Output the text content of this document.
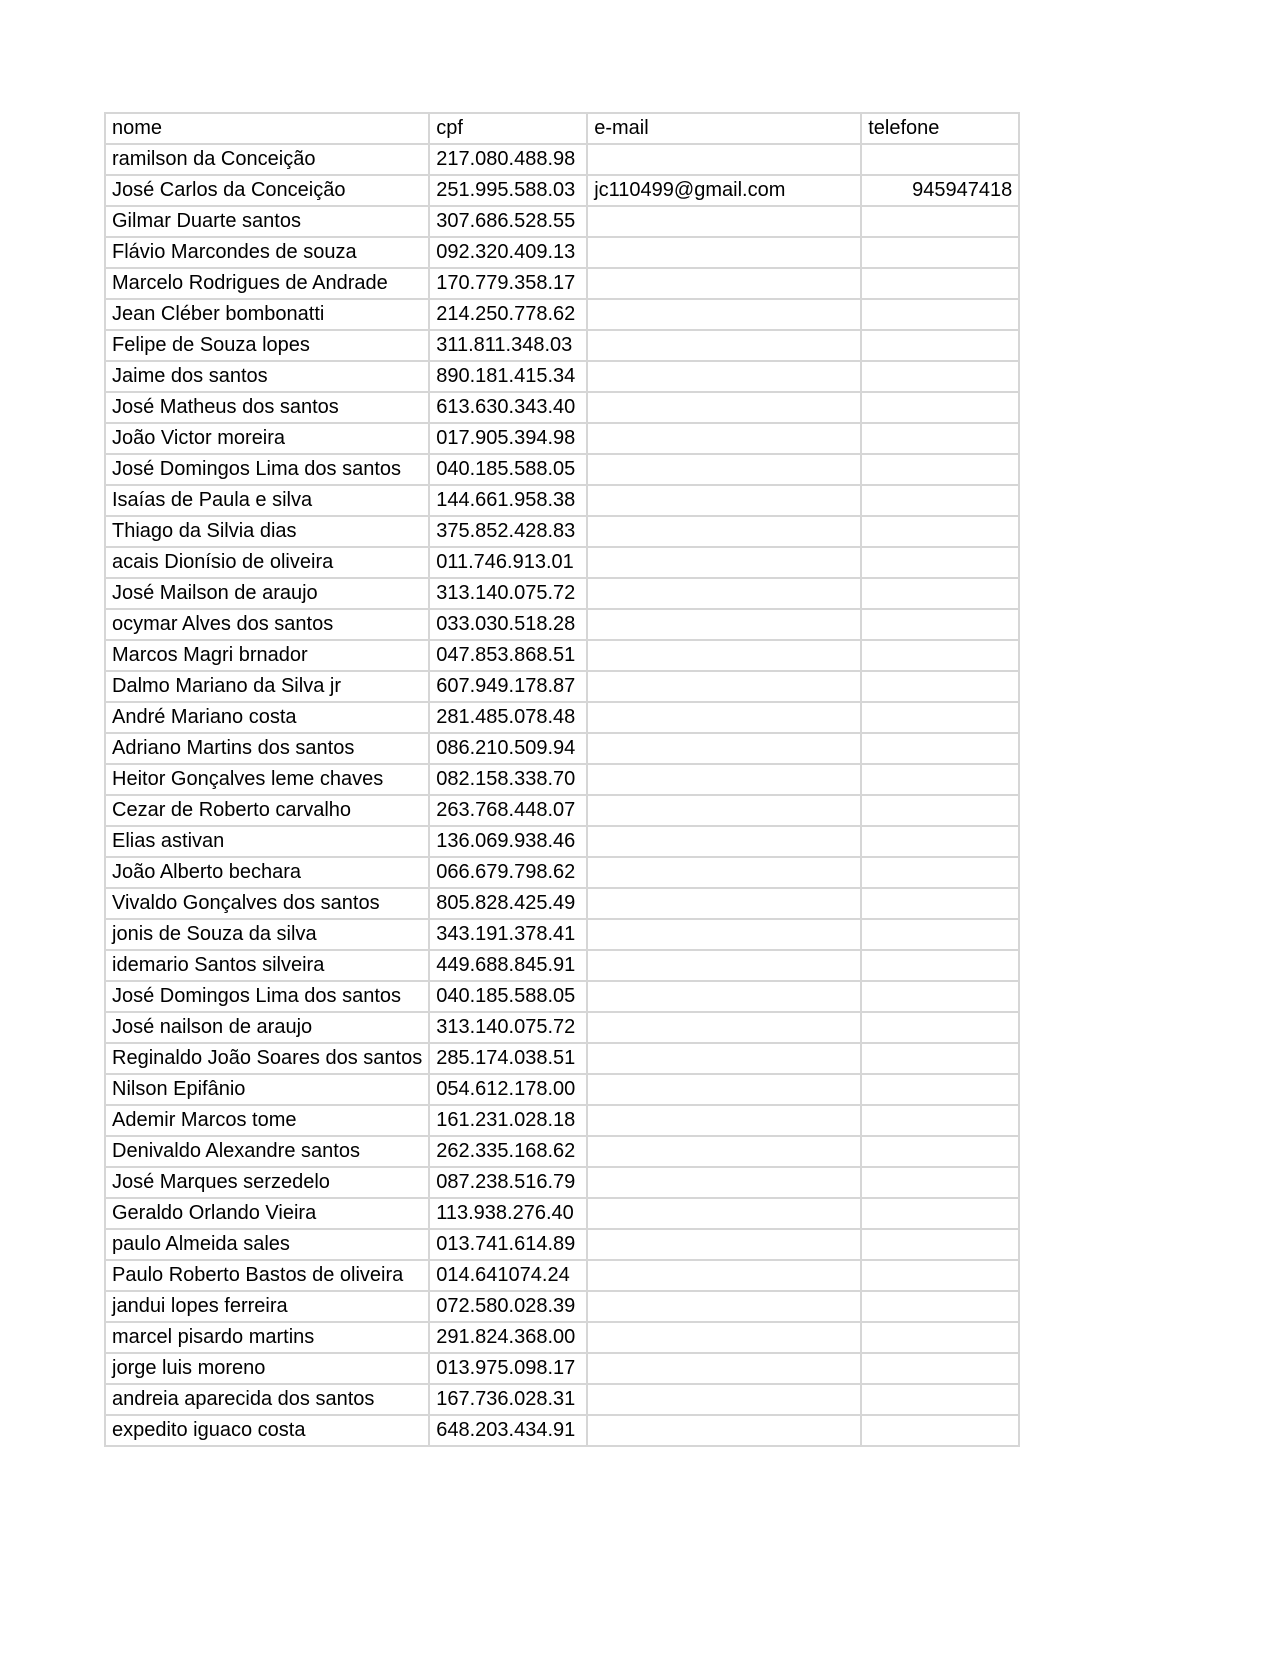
nome	cpf	e-mail	telefone
ramilson da Conceição	217.080.488.98		
José Carlos da Conceição	251.995.588.03	jc110499@gmail.com	945947418
Gilmar Duarte santos	307.686.528.55		
Flávio Marcondes de souza	092.320.409.13		
Marcelo Rodrigues de Andrade	170.779.358.17		
Jean Cléber bombonatti	214.250.778.62		
Felipe de Souza lopes	311.811.348.03		
Jaime dos santos	890.181.415.34		
José Matheus dos santos	613.630.343.40		
João Victor moreira	017.905.394.98		
José Domingos Lima dos santos	040.185.588.05		
Isaías de Paula e silva	144.661.958.38		
Thiago da Silvia dias	375.852.428.83		
acais Dionísio de oliveira	011.746.913.01		
José Mailson de araujo	313.140.075.72		
ocymar Alves dos santos	033.030.518.28		
Marcos Magri brnador	047.853.868.51		
Dalmo Mariano da Silva jr	607.949.178.87		
André Mariano costa	281.485.078.48		
Adriano Martins dos santos	086.210.509.94		
Heitor Gonçalves leme chaves	082.158.338.70		
Cezar de Roberto carvalho	263.768.448.07		
Elias astivan	136.069.938.46		
João Alberto bechara	066.679.798.62		
Vivaldo Gonçalves dos santos	805.828.425.49		
jonis de Souza da silva	343.191.378.41		
idemario Santos silveira	449.688.845.91		
José Domingos Lima dos santos	040.185.588.05		
José nailson de araujo	313.140.075.72		
Reginaldo João Soares dos santos	285.174.038.51		
Nilson Epifânio	054.612.178.00		
Ademir Marcos tome	161.231.028.18		
Denivaldo Alexandre santos	262.335.168.62		
José Marques serzedelo	087.238.516.79		
Geraldo Orlando Vieira	113.938.276.40		
paulo Almeida sales	013.741.614.89		
Paulo Roberto Bastos de oliveira	014.641074.24		
jandui lopes ferreira	072.580.028.39		
marcel pisardo martins	291.824.368.00		
jorge luis moreno	013.975.098.17		
andreia aparecida dos santos	167.736.028.31		
expedito iguaco costa	648.203.434.91		
